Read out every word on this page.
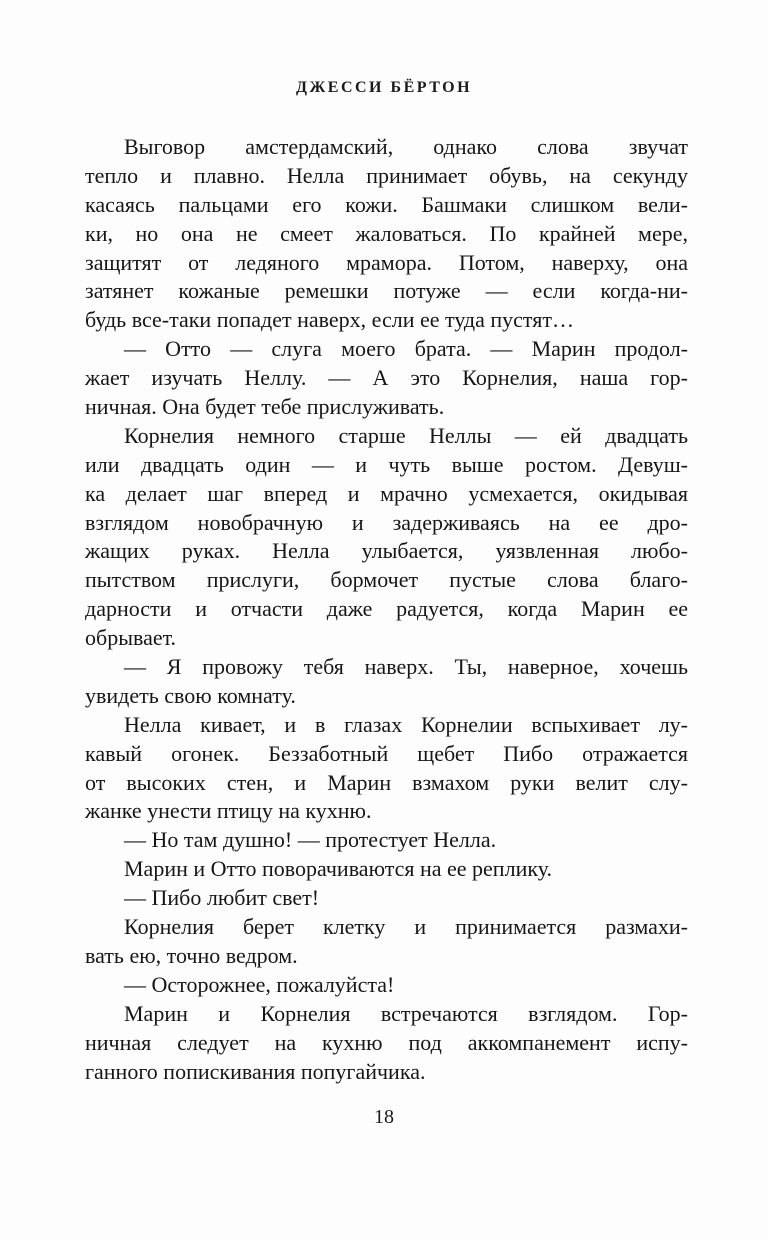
ДЖЕССИ БЁРТОН
Выговор амстердамский, однако слова звучат
тепло и плавно. Нелла принимает обувь, на секунду
касаясь пальцами его кожи. Башмаки слишком вели-
ки, но она не смеет жаловаться. По крайней мере,
защитят от ледяного мрамора. Потом, наверху, она
затянет кожаные ремешки потуже — если когда-ни-
будь все-таки попадет наверх, если ее туда пустят…
— Отто — слуга моего брата. — Марин продол-
жает изучать Неллу. — А это Корнелия, наша гор-
ничная. Она будет тебе прислуживать.
Корнелия немного старше Неллы — ей двадцать
или двадцать один — и чуть выше ростом. Девуш-
ка делает шаг вперед и мрачно усмехается, окидывая
взглядом новобрачную и задерживаясь на ее дро-
жащих руках. Нелла улыбается, уязвленная любо-
пытством прислуги, бормочет пустые слова благо-
дарности и отчасти даже радуется, когда Марин ее
обрывает.
— Я провожу тебя наверх. Ты, наверное, хочешь
увидеть свою комнату.
Нелла кивает, и в глазах Корнелии вспыхивает лу-
кавый огонек. Беззаботный щебет Пибо отражается
от высоких стен, и Марин взмахом руки велит слу-
жанке унести птицу на кухню.
— Но там душно! — протестует Нелла.
Марин и Отто поворачиваются на ее реплику.
— Пибо любит свет!
Корнелия берет клетку и принимается размахи-
вать ею, точно ведром.
— Осторожнее, пожалуйста!
Марин и Корнелия встречаются взглядом. Гор-
ничная следует на кухню под аккомпанемент испу-
ганного попискивания попугайчика.
18
